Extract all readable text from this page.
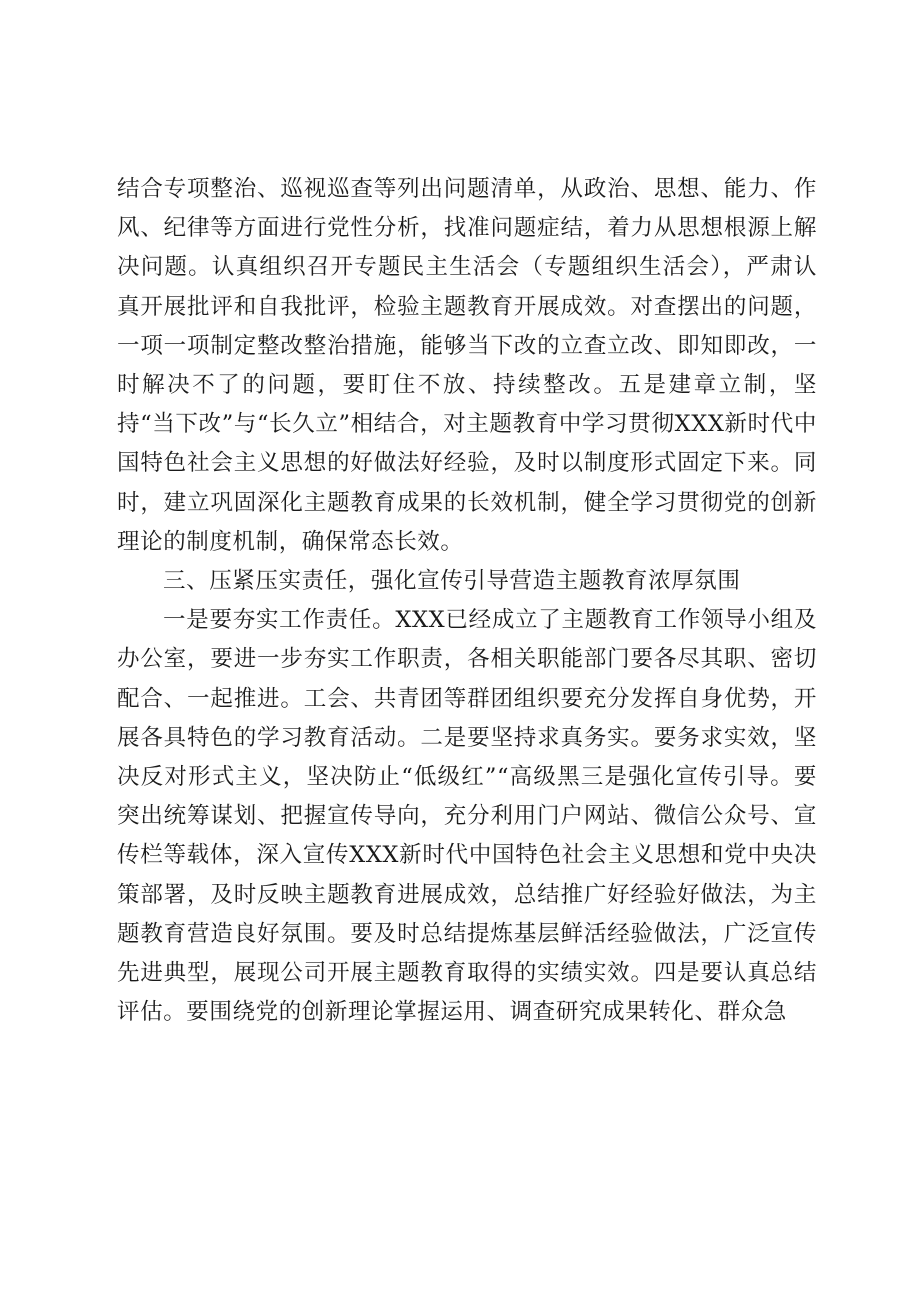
结合专项整治、巡视巡查等列出问题清单，从政治、思想、能力、作风、纪律等方面进行党性分析，找准问题症结，着力从思想根源上解决问题。认真组织召开专题民主生活会（专题组织生活会），严肃认真开展批评和自我批评，检验主题教育开展成效。对查摆出的问题，一项一项制定整改整治措施，能够当下改的立查立改、即知即改，一时解决不了的问题，要盯住不放、持续整改。五是建章立制，坚持“当下改”与“长久立”相结合，对主题教育中学习贯彻XXX新时代中国特色社会主义思想的好做法好经验，及时以制度形式固定下来。同时，建立巩固深化主题教育成果的长效机制，健全学习贯彻党的创新理论的制度机制，确保常态长效。

三、压紧压实责任，强化宣传引导营造主题教育浓厚氛围

一是要夯实工作责任。XXX已经成立了主题教育工作领导小组及办公室，要进一步夯实工作职责，各相关职能部门要各尽其职、密切配合、一起推进。工会、共青团等群团组织要充分发挥自身优势，开展各具特色的学习教育活动。二是要坚持求真务实。要务求实效，坚决反对形式主义，坚决防止“低级红”“高级黑三是强化宣传引导。要突出统筹谋划、把握宣传导向，充分利用门户网站、微信公众号、宣传栏等载体，深入宣传XXX新时代中国特色社会主义思想和党中央决策部署，及时反映主题教育进展成效，总结推广好经验好做法，为主题教育营造良好氛围。要及时总结提炼基层鲜活经验做法，广泛宣传先进典型，展现公司开展主题教育取得的实绩实效。四是要认真总结评估。要围绕党的创新理论掌握运用、调查研究成果转化、群众急
